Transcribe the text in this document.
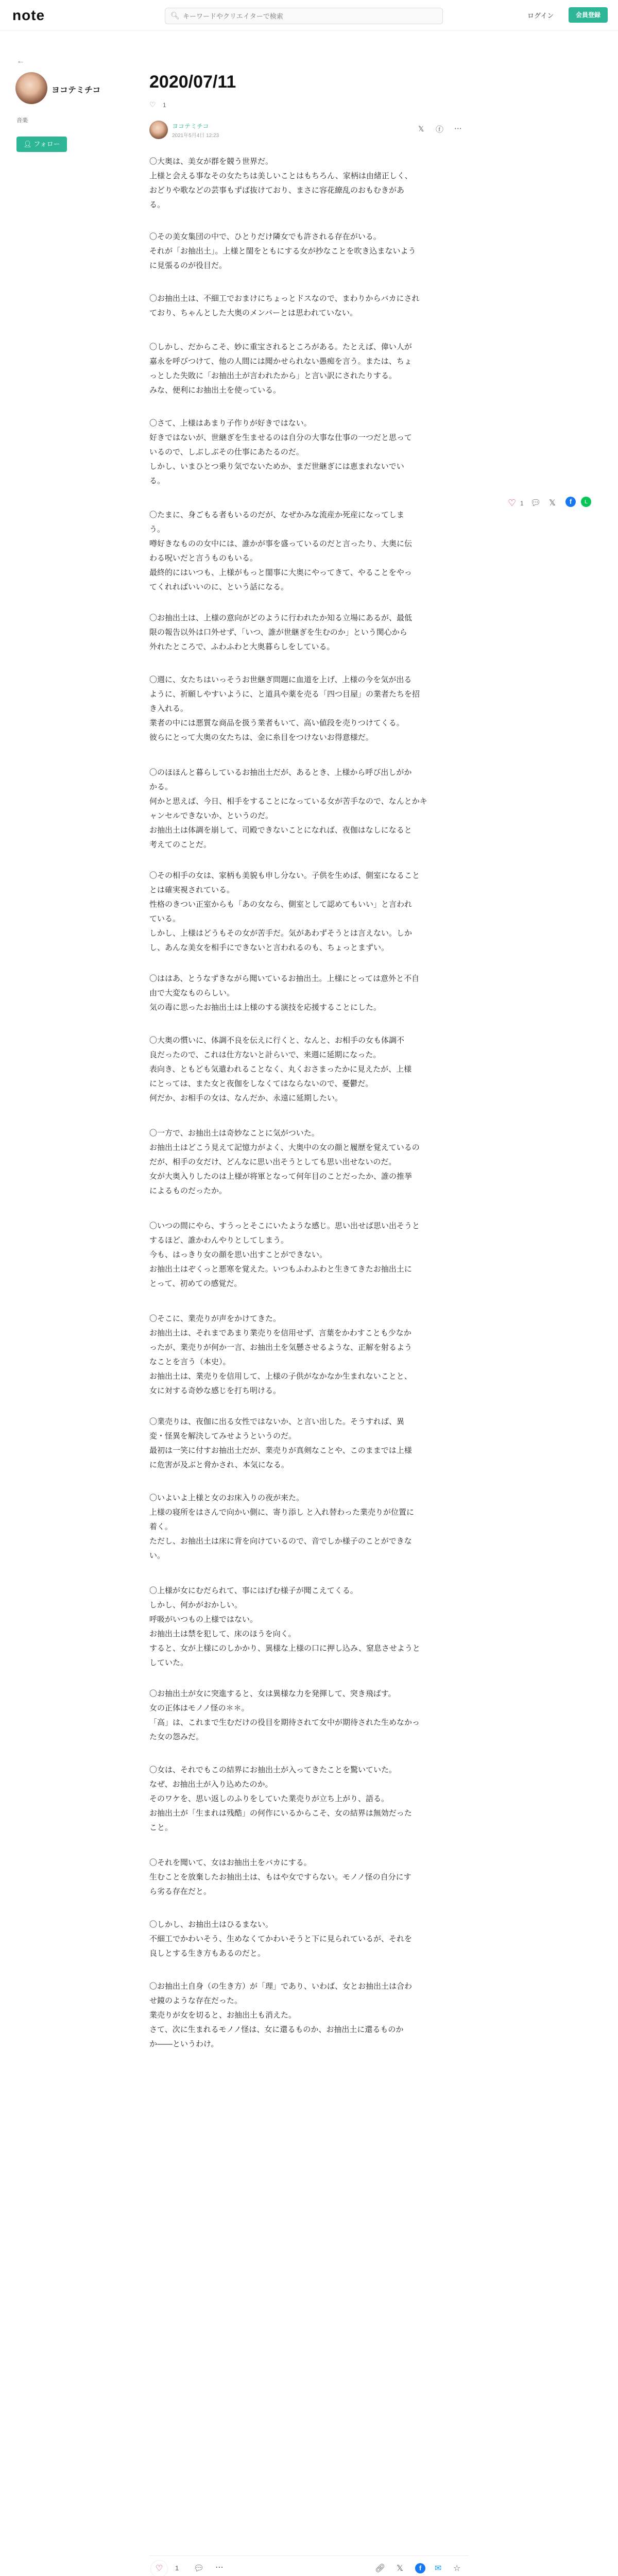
note	🔍︎
キーワードやクリエイターで検索	ログイン	会員登録
←
ヨコテミチコ
音楽
👤︎ フォロー
2020/07/11
♡ 1
ヨコテミチコ
2021年5月4日 12:23
𝕏 ⓕ ⋯

〇大奥は、美女が群を競う世界だ。
上様と会える事なその女たちは美しいことはもちろん、家柄は由緒正しく、
おどりや歌などの芸事もずば抜けており、まさに容花繚乱のおもむきがあ
る。

〇その美女集団の中で、ひとりだけ隣女でも許される存在がいる。
それが「お抽出土」。上様と閨をともにする女が抄なことを吹き込まないよう
に見張るのが役目だ。

〇お抽出土は、不細工でおまけにちょっとドスなので、まわりからバカにされ
ており、ちゃんとした大奥のメンバーとは思われていない。

〇しかし、だからこそ、妙に重宝されるところがある。たとえば、偉い人が
嘉永を呼びつけて、他の人間には聞かせられない愚痴を言う。または、ちょ
っとした失敗に「お抽出土が言われたから」と言い訳にされたりする。
みな、便利にお抽出土を使っている。

〇さて、上様はあまり子作りが好きではない。
好きではないが、世継ぎを生ませるのは自分の大事な仕事の一つだと思って
いるので、しぶしぶその仕事にあたるのだ。
しかし、いまひとつ乗り気でないためか、まだ世継ぎには恵まれないでい
る。

〇たまに、身ごもる者もいるのだが、なぜかみな流産か死産になってしま
う。
噂好きなものの女中には、誰かが事を盛っているのだと言ったり、大奥に伝
わる呪いだと言うものもいる。
最終的にはいつも、上様がもっと閨事に大奥にやってきて、やることをやっ
てくれればいいのに、という話になる。

〇お抽出土は、上様の意向がどのように行われたか知る立場にあるが、最低
限の報告以外は口外せず、「いつ、誰が世継ぎを生むのか」という関心から
外れたところで、ふわふわと大奥暮らしをしている。

〇週に、女たちはいっそうお世継ぎ問題に血道を上げ、上様の今を気が出る
ように、祈願しやすいように、と道具や薬を売る「四つ目屋」の業者たちを招
き入れる。
業者の中には悪質な商品を扱う業者もいて、高い値段を売りつけてくる。
彼らにとって大奥の女たちは、金に糸目をつけないお得意様だ。

〇のほほんと暮らしているお抽出土だが、あるとき、上様から呼び出しがか
かる。
何かと思えば、今日、相手をすることになっている女が苦手なので、なんとかキ
ャンセルできないか、というのだ。
お抽出土は体調を崩して、司殿できないことになれば、夜伽はなしになると
考えてのことだ。

〇その相手の女は、家柄も美貌も申し分ない。子供を生めば、側室になること
とは確実視されている。
性格のきつい正室からも「あの女なら、側室として認めてもいい」と言われ
ている。
しかし、上様はどうもその女が苦手だ。気があわずそうとは言えない。しか
し、あんな美女を相手にできないと言われるのも、ちょっとまずい。

〇ははあ、とうなずきながら聞いているお抽出土。上様にとっては意外と不自
由で大変なものらしい。
気の毒に思ったお抽出土は上様のする演技を応援することにした。

〇大奥の慣いに、体調不良を伝えに行くと、なんと、お相手の女も体調不
良だったので、これは仕方ないと計らいで、来週に延期になった。
表向き、ともども気遣われることなく、丸くおさまったかに見えたが、上様
にとっては、また女と夜伽をしなくてはならないので、憂鬱だ。
何だか、お相手の女は、なんだか、永遠に延期したい。

〇一方で、お抽出土は奇妙なことに気がついた。
お抽出土はどこう見えて記憶力がよく、大奥中の女の顔と履歴を覚えているの
だが、相手の女だけ、どんなに思い出そうとしても思い出せないのだ。
女が大奥入りしたのは上様が将軍となって何年目のことだったか、誰の推挙
によるものだったか。

〇いつの間にやら、すうっとそこにいたような感じ。思い出せば思い出そうと
するほど、誰かわんやりとしてしまう。
今も、はっきり女の顔を思い出すことができない。
お抽出土はぞくっと悪寒を覚えた。いつもふわふわと生きてきたお抽出土に
とって、初めての感覚だ。

〇そこに、業売りが声をかけてきた。
お抽出土は、それまであまり業売りを信用せず、言葉をかわすことも少なか
ったが、業売りが何か一言、お抽出土を気懸させるような、正解を射るよう
なことを言う（本史）。
お抽出土は、業売りを信用して、上様の子供がなかなか生まれないことと、
女に対する奇妙な感じを打ち明ける。

〇業売りは、夜伽に出る女性ではないか、と言い出した。そうすれば、異
変・怪異を解決してみせようというのだ。
最初は一笑に付すお抽出土だが、業売りが真剣なことや、このままでは上様
に危害が及ぶと脅かされ、本気になる。

〇いよいよ上様と女のお床入りの夜が来た。
上様の寝所をはさんで向かい側に、寄り添し と入れ替わった業売りが位置に
着く。
ただし、お抽出土は床に背を向けているので、音でしか様子のことができな
い。

〇上様が女にむだられて、事にはげむ様子が聞こえてくる。
しかし、何かがおかしい。
呼吸がいつもの上様ではない。
お抽出土は禁を犯して、床のほうを向く。
すると、女が上様にのしかかり、異様な上様の口に押し込み、窒息させようと
していた。

〇お抽出土が女に突進すると、女は異様な力を発揮して、突き飛ばす。
女の正体はモノノ怪の＊＊。
「高」は、これまで生むだけの役目を期待されて女中が期待された生めなかっ
た女の怨みだ。

〇女は、それでもこの結界にお抽出土が入ってきたことを驚いていた。
なぜ、お抽出土が入り込めたのか。
そのワケを、思い返しのふりをしていた業売りが立ち上がり、語る。
お抽出土が「生まれは残酷」の何作にいるからこそ、女の結界は無効だった
こと。

〇それを聞いて、女はお抽出土をバカにする。
生むことを放棄したお抽出土は、もはや女ですらない。モノノ怪の自分にす
ら劣る存在だと。

〇しかし、お抽出土はひるまない。
不細工でかわいそう、生めなくてかわいそうと下に見られているが、それを
良しとする生き方もあるのだと。

〇お抽出土自身（の生き方）が「理」であり、いわば、女とお抽出土は合わ
せ鏡のような存在だった。
業売りが女を切ると、お抽出土も消えた。
さて、次に生まれるモノノ怪は、女に還るものか、お抽出土に還るものか
か――というわけ。

♡ 1 💬︎ 𝕏	f	L
♡	1 💬︎ ⋯	🔗︎ 𝕏	f	✉ ☆
